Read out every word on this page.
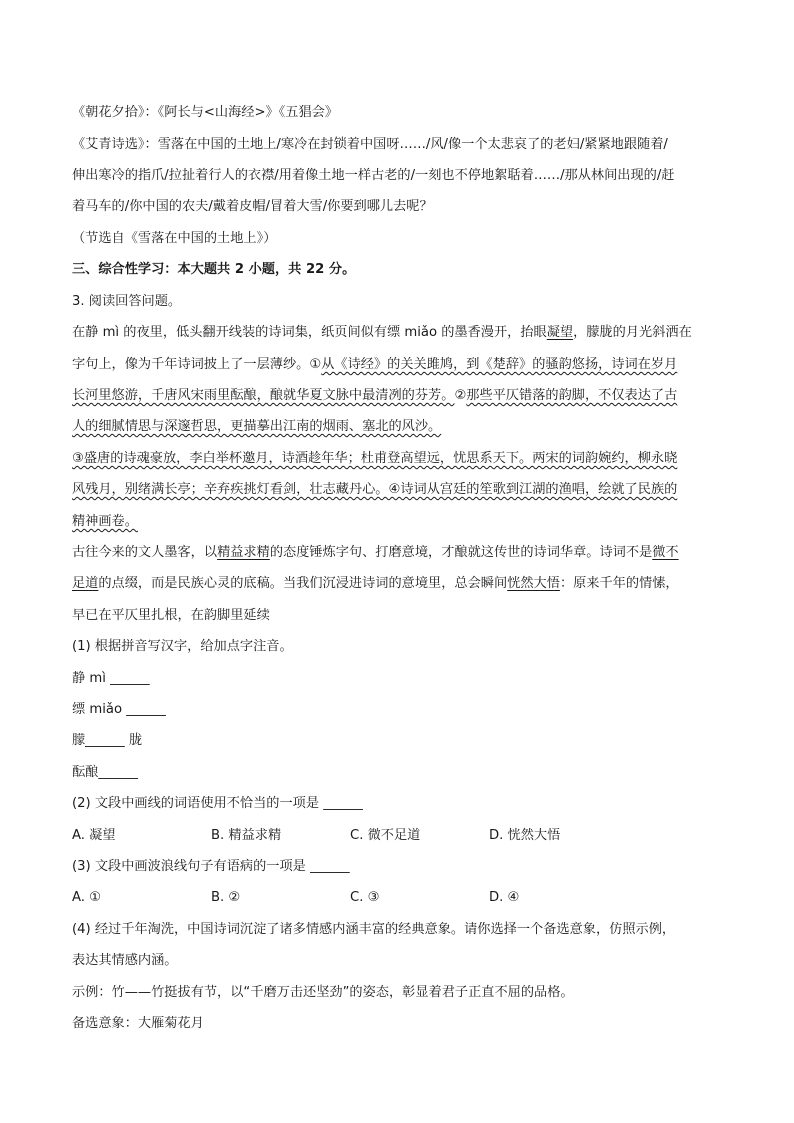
《朝花夕拾》：《阿长与<山海经>》《五猖会》
《艾青诗选》：雪落在中国的土地上/寒冷在封锁着中国呀……/风/像一个太悲哀了的老妇/紧紧地跟随着/
伸出寒冷的指爪/拉扯着行人的衣襟/用着像土地一样古老的/一刻也不停地絮聒着……/那从林间出现的/赶
着马车的/你中国的农夫/戴着皮帽/冒着大雪/你要到哪儿去呢？
（节选自《雪落在中国的土地上》）
三、综合性学习：本大题共 2 小题，共 22 分。
3. 阅读回答问题。
在静 mì 的夜里，低头翻开线装的诗词集，纸页间似有缥 miǎo 的墨香漫开，抬眼凝望，朦胧的月光斜洒在
字句上，像为千年诗词披上了一层薄纱。①从《诗经》的关关雎鸠，到《楚辞》的骚韵悠扬，诗词在岁月
长河里悠游，千唐风宋雨里酝酿，酿就华夏文脉中最清冽的芬芳。②那些平仄错落的韵脚，不仅表达了古
人的细腻情思与深邃哲思，更描摹出江南的烟雨、塞北的风沙。
③盛唐的诗魂豪放，李白举杯邀月，诗酒趁年华；杜甫登高望远，忧思系天下。两宋的词韵婉约，柳永晓
风残月，别绪满长亭；辛弃疾挑灯看剑，壮志藏丹心。④诗词从宫廷的笙歌到江湖的渔唱，绘就了民族的
精神画卷。
古往今来的文人墨客，以精益求精的态度锤炼字句、打磨意境，才酿就这传世的诗词华章。诗词不是微不
足道的点缀，而是民族心灵的底稿。当我们沉浸进诗词的意境里，总会瞬间恍然大悟：原来千年的情愫，
早已在平仄里扎根，在韵脚里延续
(1) 根据拼音写汉字，给加点字注音。
静 mì ______
缥 miǎo ______
朦______ 胧
酝酿______
(2) 文段中画线的词语使用不恰当的一项是 ______
A. 凝望	B. 精益求精	C. 微不足道	D. 恍然大悟
(3) 文段中画波浪线句子有语病的一项是 ______
A. ①	B. ②	C. ③	D. ④
(4) 经过千年淘洗，中国诗词沉淀了诸多情感内涵丰富的经典意象。请你选择一个备选意象，仿照示例，
表达其情感内涵。
示例：竹——竹挺拔有节，以“千磨万击还坚劲”的姿态，彰显着君子正直不屈的品格。
备选意象：大雁菊花月
